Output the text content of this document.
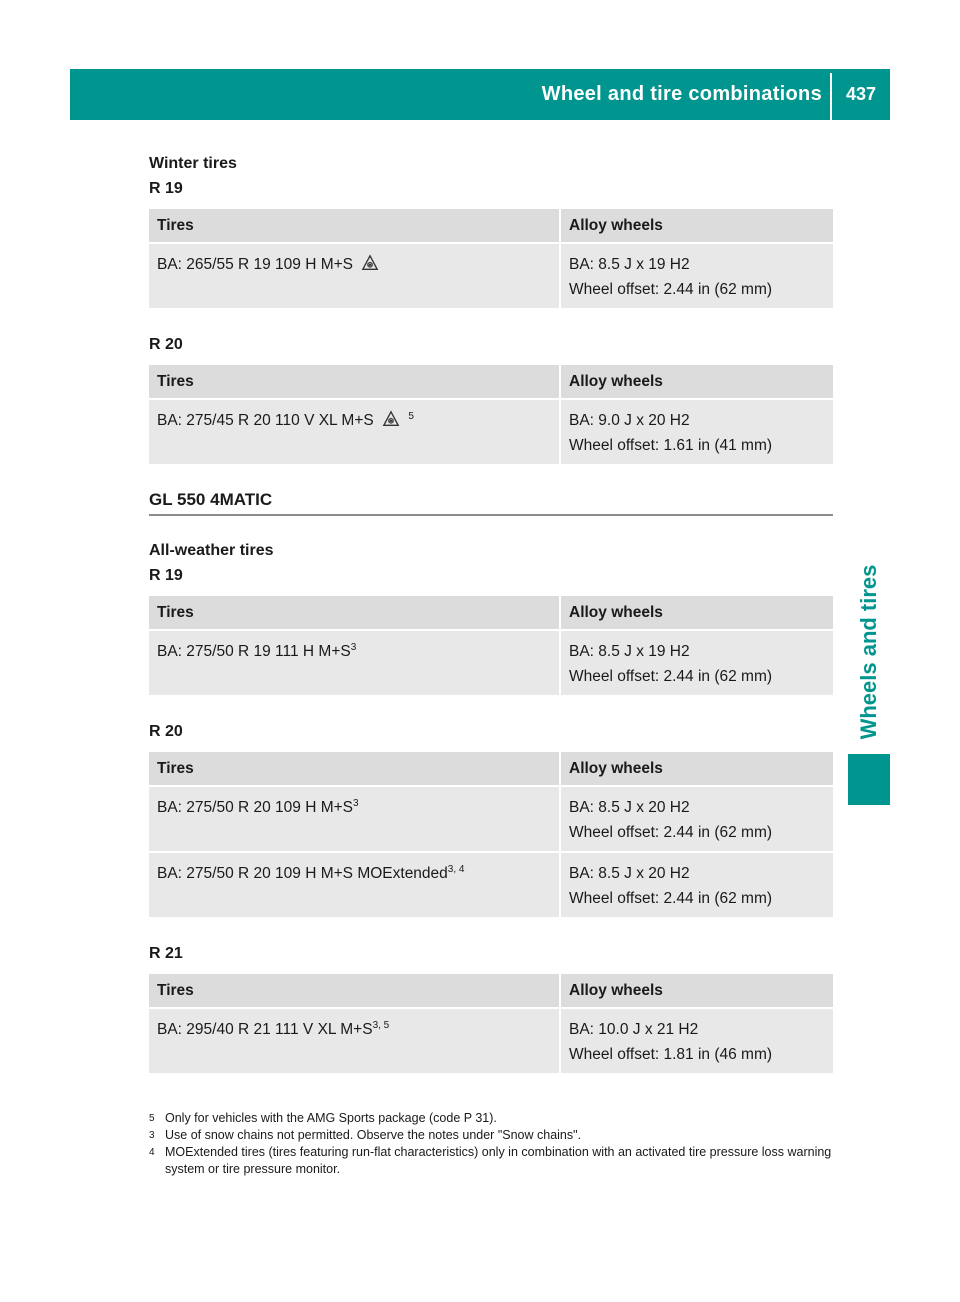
Wheel and tire combinations	437
Wheels and tires
Winter tires
R 19
Tires	Alloy wheels
BA: 265/55 R 19 109 H M+S	BA: 8.5 J x 19 H2
Wheel offset: 2.44 in (62 mm)
R 20
Tires	Alloy wheels
BA: 275/45 R 20 110 V XL M+S $^5$	BA: 9.0 J x 20 H2
Wheel offset: 1.61 in (41 mm)
GL 550 4MATIC
All-weather tires
R 19
Tires	Alloy wheels
BA: 275/50 R 19 111 H $M+S^3$	BA: 8.5 J x 19 H2
Wheel offset: 2.44 in (62 mm)
R 20
Tires	Alloy wheels
BA: 275/50 R 20 109 H $M+S^3$	BA: 8.5 J x 20 H2
Wheel offset: 2.44 in (62 mm)

BA: 275/50 R 20 109 H M+S MOExtended$^{3, 4}$	BA: 8.5 J x 20 H2
Wheel offset: 2.44 in (62 mm)
R 21
Tires	Alloy wheels
BA: 295/40 R 21 111 V XL $M+S^{3, 5}$	BA: 10.0 J x 21 H2
Wheel offset: 1.81 in (46 mm)
5 Only for vehicles with the AMG Sports package (code P 31).
3 Use of snow chains not permitted. Observe the notes under "Snow chains".
4 MOExtended tires (tires featuring run-flat characteristics) only in combination with an activated tire pressure loss warning system or tire pressure monitor.
